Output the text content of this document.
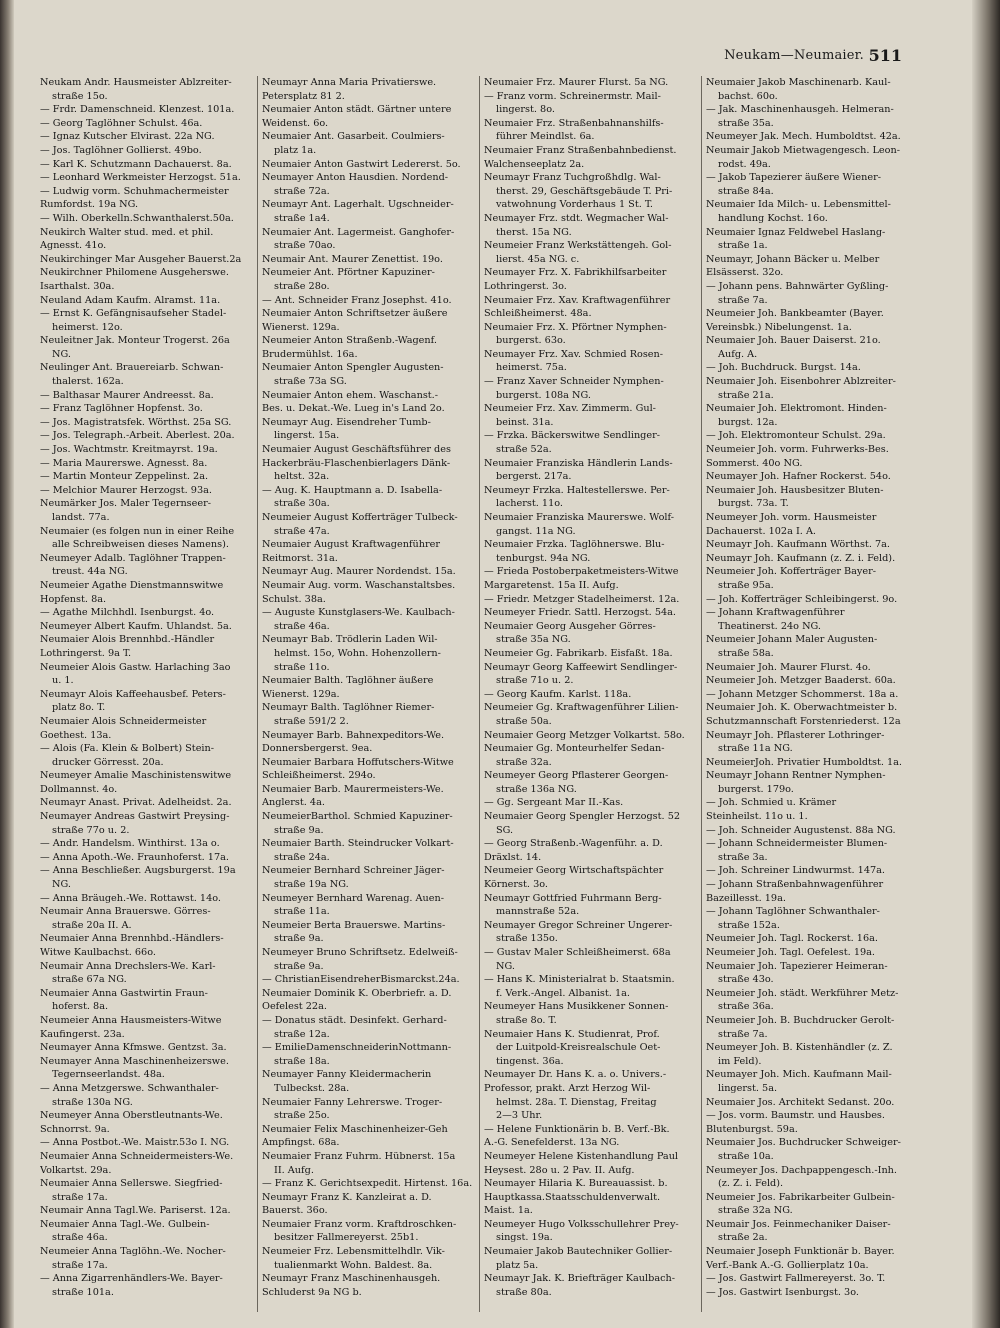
Neukam—Neumaier. 511
Neukam Andr. Hausmeister Ablzreiter-
straße 15o.
— Frdr. Damenschneid. Klenzest. 101a.
— Georg Taglöhner Schulst. 46a.
— Ignaz Kutscher Elvirast. 22a NG.
— Jos. Taglöhner Gollierst. 49bo.
— Karl K. Schutzmann Dachauerst. 8a.
— Leonhard Werkmeister Herzogst. 51a.
— Ludwig vorm. Schuhmachermeister
Rumfordst. 19a NG.
— Wilh. Oberkelln.Schwanthalerst.50a.
Neukirch Walter stud. med. et phil.
Agnesst. 41o.
Neukirchinger Mar Ausgeher Bauerst.2a
Neukirchner Philomene Ausgeherswe.
Isarthalst. 30a.
Neuland Adam Kaufm. Alramst. 11a.
— Ernst K. Gefängnisaufseher Stadel-
heimerst. 12o.
Neuleitner Jak. Monteur Trogerst. 26a
NG.
Neulinger Ant. Brauereiarb. Schwan-
thalerst. 162a.
— Balthasar Maurer Andreesst. 8a.
— Franz Taglöhner Hopfenst. 3o.
— Jos. Magistratsfek. Wörthst. 25a SG.
— Jos. Telegraph.-Arbeit. Aberlest. 20a.
— Jos. Wachtmstr. Kreitmayrst. 19a.
— Maria Maurerswe. Agnesst. 8a.
— Martin Monteur Zeppelinst. 2a.
— Melchior Maurer Herzogst. 93a.
Neumärker Jos. Maler Tegernseer-
landst. 77a.
Neumaier (es folgen nun in einer Reihe
alle Schreibweisen dieses Namens).
Neumeyer Adalb. Taglöhner Trappen-
treust. 44a NG.
Neumeier Agathe Dienstmannswitwe
Hopfenst. 8a.
— Agathe Milchhdl. Isenburgst. 4o.
Neumeyer Albert Kaufm. Uhlandst. 5a.
Neumaier Alois Brennhbd.-Händler
Lothringerst. 9a T.
Neumeier Alois Gastw. Harlaching 3ao
u. 1.
Neumayr Alois Kaffeehausbef. Peters-
platz 8o. T.
Neumaier Alois Schneidermeister
Goethest. 13a.
— Alois (Fa. Klein & Bolbert) Stein-
drucker Görresst. 20a.
Neumeyer Amalie Maschinistenswitwe
Dollmannst. 4o.
Neumayr Anast. Privat. Adelheidst. 2a.
Neumayer Andreas Gastwirt Preysing-
straße 77o u. 2.
— Andr. Handelsm. Winthirst. 13a o.
— Anna Apoth.-We. Fraunhoferst. 17a.
— Anna Beschließer. Augsburgerst. 19a
NG.
— Anna Bräugeh.-We. Rottawst. 14o.
Neumair Anna Brauerswe. Görres-
straße 20a II. A.
Neumaier Anna Brennhbd.-Händlers-
Witwe Kaulbachst. 66o.
Neumair Anna Drechslers-We. Karl-
straße 67a NG.
Neumaier Anna Gastwirtin Fraun-
hoferst. 8a.
Neumeier Anna Hausmeisters-Witwe
Kaufingerst. 23a.
Neumayer Anna Kfmswe. Gentzst. 3a.
Neumayer Anna Maschinenheizerswe.
Tegernseerlandst. 48a.
— Anna Metzgerswe. Schwanthaler-
straße 130a NG.
Neumeyer Anna Oberstleutnants-We.
Schnorrst. 9a.
— Anna Postbot.-We. Maistr.53o I. NG.
Neumaier Anna Schneidermeisters-We.
Volkartst. 29a.
Neumaier Anna Sellerswe. Siegfried-
straße 17a.
Neumair Anna Tagl.We. Pariserst. 12a.
Neumaier Anna Tagl.-We. Gulbein-
straße 46a.
Neumeier Anna Taglöhn.-We. Nocher-
straße 17a.
— Anna Zigarrenhändlers-We. Bayer-
straße 101a.
Neumayr Anna Maria Privatierswe.
Petersplatz 81 2.
Neumaier Anton städt. Gärtner untere
Weidenst. 6o.
Neumaier Ant. Gasarbeit. Coulmiers-
platz 1a.
Neumaier Anton Gastwirt Ledererst. 5o.
Neumayer Anton Hausdien. Nordend-
straße 72a.
Neumayr Ant. Lagerhalt. Ugschneider-
straße 1a4.
Neumaier Ant. Lagermeist. Ganghofer-
straße 70ao.
Neumair Ant. Maurer Zenettist. 19o.
Neumeier Ant. Pförtner Kapuziner-
straße 28o.
— Ant. Schneider Franz Josephst. 41o.
Neumaier Anton Schriftsetzer äußere
Wienerst. 129a.
Neumeier Anton Straßenb.-Wagenf.
Brudermühlst. 16a.
Neumaier Anton Spengler Augusten-
straße 73a SG.
Neumaier Anton ehem. Waschanst.-
Bes. u. Dekat.-We. Lueg in's Land 2o.
Neumayr Aug. Eisendreher Tumb-
lingerst. 15a.
Neumaier August Geschäftsführer des
Hackerbräu-Flaschenbierlagers Dänk-
heltst. 32a.
— Aug. K. Hauptmann a. D. Isabella-
straße 30a.
Neumeier August Kofferträger Tulbeck-
straße 47a.
Neumaier August Kraftwagenführer
Reitmorst. 31a.
Neumayr Aug. Maurer Nordendst. 15a.
Neumair Aug. vorm. Waschanstaltsbes.
Schulst. 38a.
— Auguste Kunstglasers-We. Kaulbach-
straße 46a.
Neumayr Bab. Trödlerin Laden Wil-
helmst. 15o, Wohn. Hohenzollern-
straße 11o.
Neumaier Balth. Taglöhner äußere
Wienerst. 129a.
Neumayr Balth. Taglöhner Riemer-
straße 591/2 2.
Neumayer Barb. Bahnexpeditors-We.
Donnersbergerst. 9ea.
Neumaier Barbara Hoffutschers-Witwe
Schleißheimerst. 294o.
Neumaier Barb. Maurermeisters-We.
Anglerst. 4a.
NeumeierBarthol. Schmied Kapuziner-
straße 9a.
Neumaier Barth. Steindrucker Volkart-
straße 24a.
Neumeier Bernhard Schreiner Jäger-
straße 19a NG.
Neumeyer Bernhard Warenag. Auen-
straße 11a.
Neumeier Berta Brauerswe. Martins-
straße 9a.
Neumeyer Bruno Schriftsetz. Edelweiß-
straße 9a.
— ChristianEisendreherBismarckst.24a.
Neumaier Dominik K. Oberbriefr. a. D.
Oefelest 22a.
— Donatus städt. Desinfekt. Gerhard-
straße 12a.
— EmilieDamenschneiderinNottmann-
straße 18a.
Neumayer Fanny Kleidermacherin
Tulbeckst. 28a.
Neumaier Fanny Lehrerswe. Troger-
straße 25o.
Neumaier Felix Maschinenheizer-Geh
Ampfingst. 68a.
Neumaier Franz Fuhrm. Hübnerst. 15a
II. Aufg.
— Franz K. Gerichtsexpedit. Hirtenst. 16a.
Neumayr Franz K. Kanzleirat a. D.
Bauerst. 36o.
Neumaier Franz vorm. Kraftdroschken-
besitzer Fallmereyerst. 25b1.
Neumeier Frz. Lebensmittelhdlr. Vik-
tualienmarkt Wohn. Baldest. 8a.
Neumayr Franz Maschinenhausgeh.
Schluderst 9a NG b.
Neumaier Frz. Maurer Flurst. 5a NG.
— Franz vorm. Schreinermstr. Mail-
lingerst. 8o.
Neumaier Frz. Straßenbahnanshilfs-
führer Meindlst. 6a.
Neumaier Franz Straßenbahnbedienst.
Walchenseeplatz 2a.
Neumayr Franz Tuchgroßhdlg. Wal-
therst. 29, Geschäftsgebäude T. Pri-
vatwohnung Vorderhaus 1 St. T.
Neumayer Frz. stdt. Wegmacher Wal-
therst. 15a NG.
Neumeier Franz Werkstättengeh. Gol-
lierst. 45a NG. c.
Neumayer Frz. X. Fabrikhilfsarbeiter
Lothringerst. 3o.
Neumaier Frz. Xav. Kraftwagenführer
Schleißheimerst. 48a.
Neumaier Frz. X. Pförtner Nymphen-
burgerst. 63o.
Neumayer Frz. Xav. Schmied Rosen-
heimerst. 75a.
— Franz Xaver Schneider Nymphen-
burgerst. 108a NG.
Neumeier Frz. Xav. Zimmerm. Gul-
beinst. 31a.
— Frzka. Bäckerswitwe Sendlinger-
straße 52a.
Neumaier Franziska Händlerin Lands-
bergerst. 217a.
Neumeyr Frzka. Haltestellerswe. Per-
lacherst. 11o.
Neumaier Franziska Maurerswe. Wolf-
gangst. 11a NG.
Neumaier Frzka. Taglöhnerswe. Blu-
tenburgst. 94a NG.
— Frieda Postoberpaketmeisters-Witwe
Margaretenst. 15a II. Aufg.
— Friedr. Metzger Stadelheimerst. 12a.
Neumeyer Friedr. Sattl. Herzogst. 54a.
Neumaier Georg Ausgeher Görres-
straße 35a NG.
Neumeier Gg. Fabrikarb. Eisfaßt. 18a.
Neumayr Georg Kaffeewirt Sendlinger-
straße 71o u. 2.
— Georg Kaufm. Karlst. 118a.
Neumeier Gg. Kraftwagenführer Lilien-
straße 50a.
Neumaier Georg Metzger Volkartst. 58o.
Neumaier Gg. Monteurhelfer Sedan-
straße 32a.
Neumeyer Georg Pflasterer Georgen-
straße 136a NG.
— Gg. Sergeant Mar II.-Kas.
Neumaier Georg Spengler Herzogst. 52
SG.
— Georg Straßenb.-Wagenführ. a. D.
Dräxlst. 14.
Neumeier Georg Wirtschaftspächter
Körnerst. 3o.
Neumayr Gottfried Fuhrmann Berg-
mannstraße 52a.
Neumayer Gregor Schreiner Ungerer-
straße 135o.
— Gustav Maler Schleißheimerst. 68a
NG.
— Hans K. Ministerialrat b. Staatsmin.
f. Verk.-Angel. Albanist. 1a.
Neumeyer Hans Musikkener Sonnen-
straße 8o. T.
Neumaier Hans K. Studienrat, Prof.
der Luitpold-Kreisrealschule Oet-
tingenst. 36a.
Neumayer Dr. Hans K. a. o. Univers.-
Professor, prakt. Arzt Herzog Wil-
helmst. 28a. T. Dienstag, Freitag
2—3 Uhr.
— Helene Funktionärin b. B. Verf.-Bk.
A.-G. Senefelderst. 13a NG.
Neumeyer Helene Kistenhandlung Paul
Heysest. 28o u. 2 Pav. II. Aufg.
Neumayer Hilaria K. Bureauassist. b.
Hauptkassa.Staatsschuldenverwalt.
Maist. 1a.
Neumeyer Hugo Volksschullehrer Prey-
singst. 19a.
Neumaier Jakob Bautechniker Gollier-
platz 5a.
Neumayr Jak. K. Briefträger Kaulbach-
straße 80a.
Neumaier Jakob Maschinenarb. Kaul-
bachst. 60o.
— Jak. Maschinenhausgeh. Helmeran-
straße 35a.
Neumeyer Jak. Mech. Humboldtst. 42a.
Neumair Jakob Mietwagengesch. Leon-
rodst. 49a.
— Jakob Tapezierer äußere Wiener-
straße 84a.
Neumaier Ida Milch- u. Lebensmittel-
handlung Kochst. 16o.
Neumaier Ignaz Feldwebel Haslang-
straße 1a.
Neumayr, Johann Bäcker u. Melber
Elsässerst. 32o.
— Johann pens. Bahnwärter Gyßling-
straße 7a.
Neumeier Joh. Bankbeamter (Bayer.
Vereinsbk.) Nibelungenst. 1a.
Neumaier Joh. Bauer Daiserst. 21o.
Aufg. A.
— Joh. Buchdruck. Burgst. 14a.
Neumaier Joh. Eisenbohrer Ablzreiter-
straße 21a.
Neumaier Joh. Elektromont. Hinden-
burgst. 12a.
— Joh. Elektromonteur Schulst. 29a.
Neumeier Joh. vorm. Fuhrwerks-Bes.
Sommerst. 40o NG.
Neumayer Joh. Hafner Rockerst. 54o.
Neumaier Joh. Hausbesitzer Bluten-
burgst. 73a. T.
Neumeyer Joh. vorm. Hausmeister
Dachauerst. 102a I. A.
Neumayr Joh. Kaufmann Wörthst. 7a.
Neumayr Joh. Kaufmann (z. Z. i. Feld).
Neumeier Joh. Kofferträger Bayer-
straße 95a.
— Joh. Kofferträger Schleibingerst. 9o.
— Johann Kraftwagenführer
Theatinerst. 24o NG.
Neumeier Johann Maler Augusten-
straße 58a.
Neumaier Joh. Maurer Flurst. 4o.
Neumeier Joh. Metzger Baaderst. 60a.
— Johann Metzger Schommerst. 18a a.
Neumaier Joh. K. Oberwachtmeister b.
Schutzmannschaft Forstenriederst. 12a
Neumayr Joh. Pflasterer Lothringer-
straße 11a NG.
NeumeierJoh. Privatier Humboldtst. 1a.
Neumayr Johann Rentner Nymphen-
burgerst. 179o.
— Joh. Schmied u. Krämer
Steinheilst. 11o u. 1.
— Joh. Schneider Augustenst. 88a NG.
— Johann Schneidermeister Blumen-
straße 3a.
— Joh. Schreiner Lindwurmst. 147a.
— Johann Straßenbahnwagenführer
Bazeillesst. 19a.
— Johann Taglöhner Schwanthaler-
straße 152a.
Neumeier Joh. Tagl. Rockerst. 16a.
Neumeier Joh. Tagl. Oefelest. 19a.
Neumaier Joh. Tapezierer Heimeran-
straße 43o.
Neumeier Joh. städt. Werkführer Metz-
straße 36a.
Neumeier Joh. B. Buchdrucker Gerolt-
straße 7a.
Neumeyer Joh. B. Kistenhändler (z. Z.
im Feld).
Neumayer Joh. Mich. Kaufmann Mail-
lingerst. 5a.
Neumaier Jos. Architekt Sedanst. 20o.
— Jos. vorm. Baumstr. und Hausbes.
Blutenburgst. 59a.
Neumaier Jos. Buchdrucker Schweiger-
straße 10a.
Neumeyer Jos. Dachpappengesch.-Inh.
(z. Z. i. Feld).
Neumeier Jos. Fabrikarbeiter Gulbein-
straße 32a NG.
Neumair Jos. Feinmechaniker Daiser-
straße 2a.
Neumaier Joseph Funktionär b. Bayer.
Verf.-Bank A.-G. Gollierplatz 10a.
— Jos. Gastwirt Fallmereyerst. 3o. T.
— Jos. Gastwirt Isenburgst. 3o.
